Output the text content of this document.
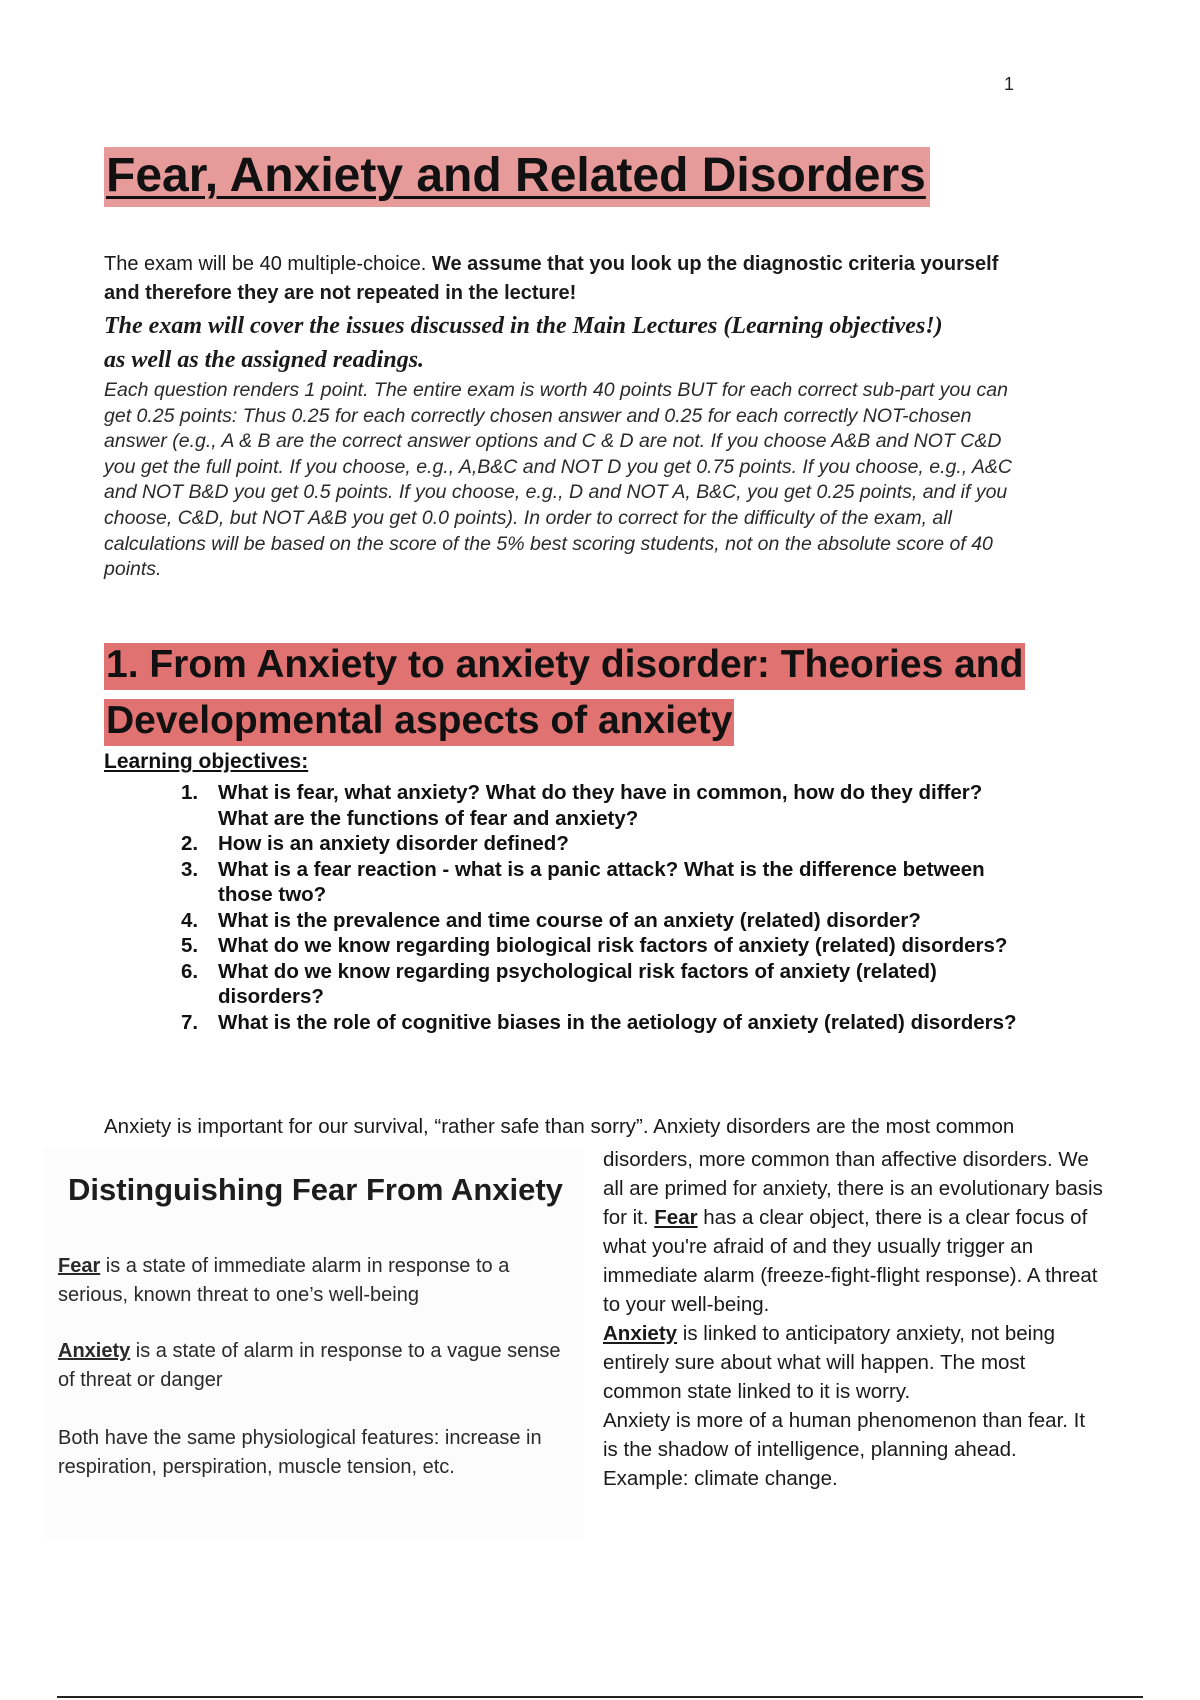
1
Fear, Anxiety and Related Disorders
The exam will be 40 multiple-choice. We assume that you look up the diagnostic criteria yourself and therefore they are not repeated in the lecture!
The exam will cover the issues discussed in the Main Lectures (Learning objectives!) as well as the assigned readings.
Each question renders 1 point. The entire exam is worth 40 points BUT for each correct sub-part you can get 0.25 points: Thus 0.25 for each correctly chosen answer and 0.25 for each correctly NOT-chosen answer (e.g., A & B are the correct answer options and C & D are not. If you choose A&B and NOT C&D you get the full point. If you choose, e.g., A,B&C and NOT D you get 0.75 points. If you choose, e.g., A&C and NOT B&D you get 0.5 points. If you choose, e.g., D and NOT A, B&C, you get 0.25 points, and if you choose, C&D, but NOT A&B you get 0.0 points). In order to correct for the difficulty of the exam, all calculations will be based on the score of the 5% best scoring students, not on the absolute score of 40 points.
1. From Anxiety to anxiety disorder: Theories and Developmental aspects of anxiety
Learning objectives:
1. What is fear, what anxiety? What do they have in common, how do they differ? What are the functions of fear and anxiety?
2. How is an anxiety disorder defined?
3. What is a fear reaction - what is a panic attack? What is the difference between those two?
4. What is the prevalence and time course of an anxiety (related) disorder?
5. What do we know regarding biological risk factors of anxiety (related) disorders?
6. What do we know regarding psychological risk factors of anxiety (related) disorders?
7. What is the role of cognitive biases in the aetiology of anxiety (related) disorders?
Anxiety is important for our survival, “rather safe than sorry”. Anxiety disorders are the most common
Distinguishing Fear From Anxiety

Fear is a state of immediate alarm in response to a serious, known threat to one’s well-being

Anxiety is a state of alarm in response to a vague sense of threat or danger

Both have the same physiological features: increase in respiration, perspiration, muscle tension, etc.

disorders, more common than affective disorders. We all are primed for anxiety, there is an evolutionary basis for it. Fear has a clear object, there is a clear focus of what you're afraid of and they usually trigger an immediate alarm (freeze-fight-flight response). A threat to your well-being.

Anxiety is linked to anticipatory anxiety, not being entirely sure about what will happen. The most common state linked to it is worry.

Anxiety is more of a human phenomenon than fear. It is the shadow of intelligence, planning ahead. Example: climate change.
